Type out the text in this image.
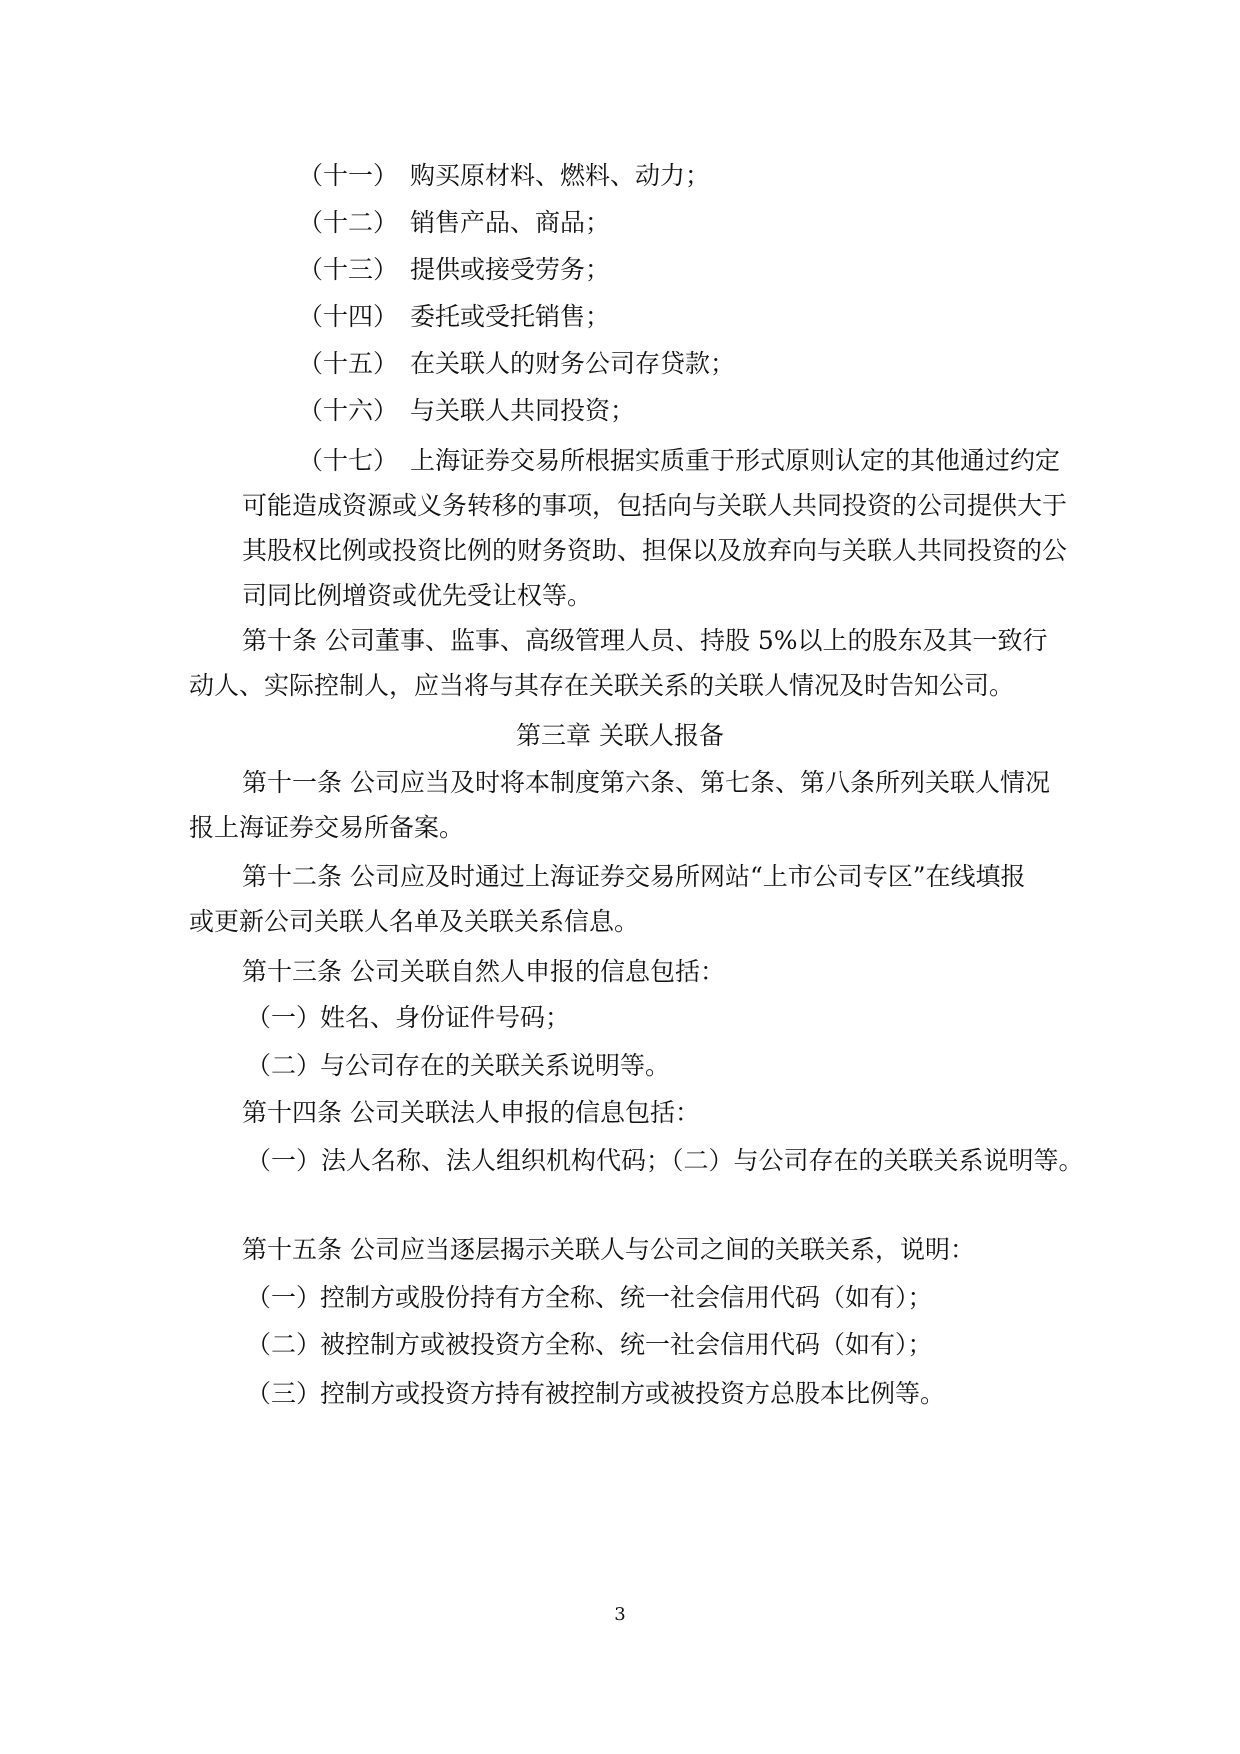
（十一） 购买原材料、燃料、动力；
（十二） 销售产品、商品；
（十三） 提供或接受劳务；
（十四） 委托或受托销售；
（十五） 在关联人的财务公司存贷款；
（十六） 与关联人共同投资；
（十七） 上海证券交易所根据实质重于形式原则认定的其他通过约定
可能造成资源或义务转移的事项，包括向与关联人共同投资的公司提供大于
其股权比例或投资比例的财务资助、担保以及放弃向与关联人共同投资的公
司同比例增资或优先受让权等。
第十条 公司董事、监事、高级管理人员、持股 5%以上的股东及其一致行
动人、实际控制人，应当将与其存在关联关系的关联人情况及时告知公司。
第三章 关联人报备
第十一条 公司应当及时将本制度第六条、第七条、第八条所列关联人情况
报上海证券交易所备案。
第十二条 公司应及时通过上海证券交易所网站“上市公司专区”在线填报
或更新公司关联人名单及关联关系信息。
第十三条 公司关联自然人申报的信息包括：
（一）
姓名、身份证件号码；
（二）
与公司存在的关联关系说明等。
第十四条 公司关联法人申报的信息包括：
（一）法人名称、法人组织机构代码；（二）与公司存在的关联关系说明等。
第十五条 公司应当逐层揭示关联人与公司之间的关联关系，说明：
（一）
控制方或股份持有方全称、统一社会信用代码（如有）；
（二）
被控制方或被投资方全称、统一社会信用代码（如有）；
（三）
控制方或投资方持有被控制方或被投资方总股本比例等。
3
